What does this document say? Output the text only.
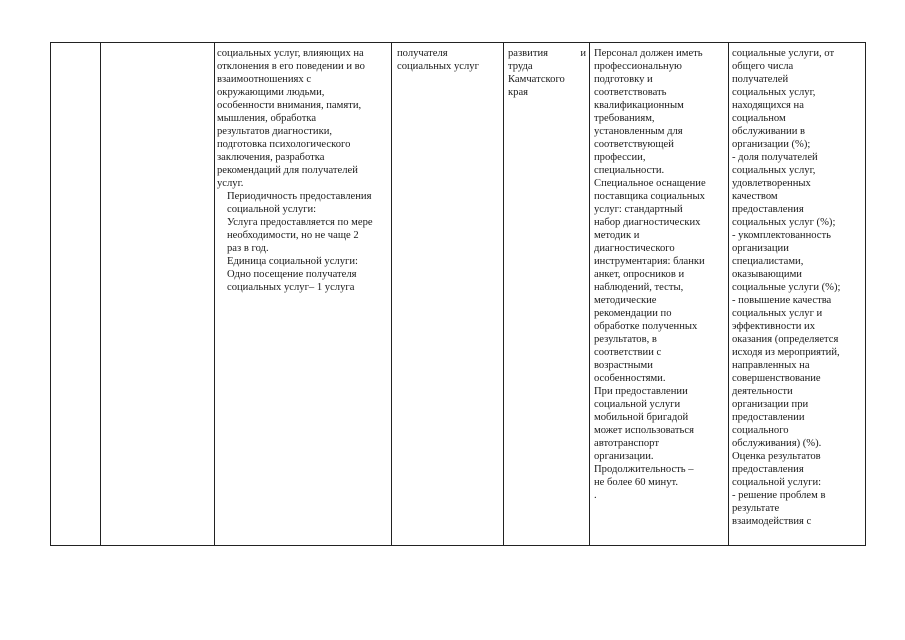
социальных услуг, влияющих на

отклонения в его поведении и во

взаимоотношениях с

окружающими людьми,

особенности внимания, памяти,

мышления, обработка

результатов диагностики,

подготовка психологического

заключения, разработка

рекомендаций для получателей

услуг.

Периодичность предоставления

социальной услуги:

Услуга предоставляется по мере

необходимости, но не чаще 2

раз в год.

Единица социальной услуги:

Одно посещение получателя

социальных услуг– 1 услуга

получателя

социальных услуг

развития	и

труда

Камчатского

края

Персонал должен иметь

профессиональную

подготовку и

соответствовать

квалификационным

требованиям,

установленным для

соответствующей

профессии,

специальности.

Специальное оснащение

поставщика социальных

услуг: стандартный

набор диагностических

методик и

диагностического

инструментария: бланки

анкет, опросников и

наблюдений, тесты,

методические

рекомендации по

обработке полученных

результатов, в

соответствии с

возрастными

особенностями.

При предоставлении

социальной услуги

мобильной бригадой

может использоваться

автотранспорт

организации.

Продолжительность –

не более 60 минут.

.

социальные услуги, от

общего числа

получателей

социальных услуг,

находящихся на

социальном

обслуживании в

организации (%);

- доля получателей

социальных услуг,

удовлетворенных

качеством

предоставления

социальных услуг (%);

- укомплектованность

организации

специалистами,

оказывающими

социальные услуги (%);

- повышение качества

социальных услуг и

эффективности их

оказания (определяется

исходя из мероприятий,

направленных на

совершенствование

деятельности

организации при

предоставлении

социального

обслуживания) (%).

Оценка результатов

предоставления

социальной услуги:

- решение проблем в

результате

взаимодействия с
